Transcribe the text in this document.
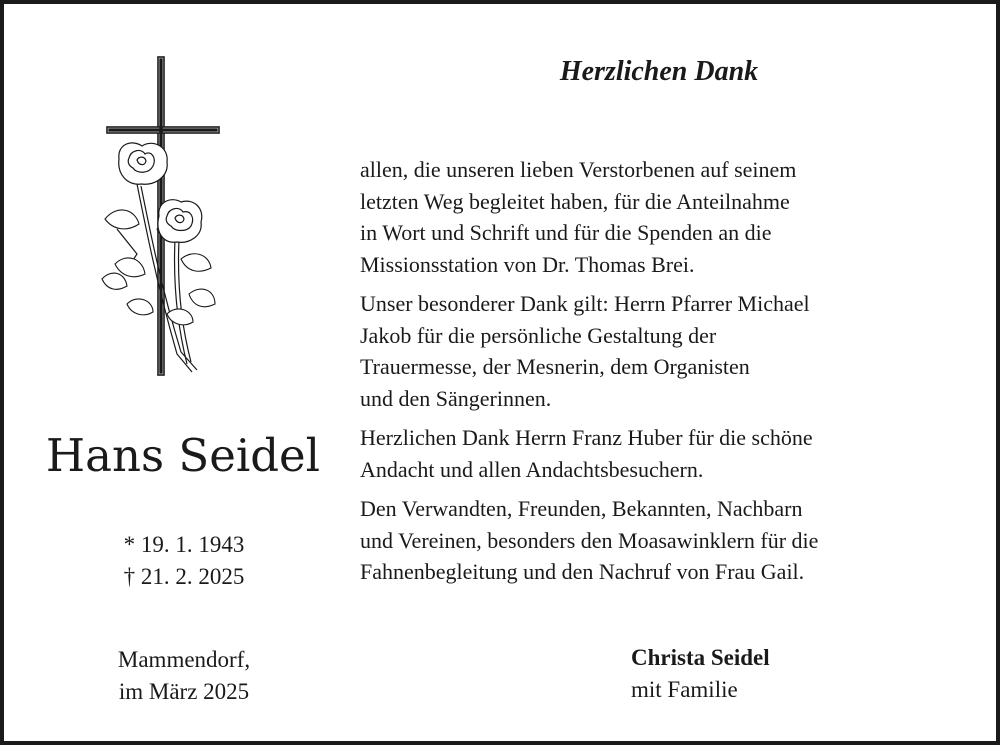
Hans Seidel
* 19. 1. 1943
† 21. 2. 2025
Mammendorf,
im März 2025
Herzlichen Dank

allen, die unseren lieben Verstorbenen auf seinem
letzten Weg begleitet haben, für die Anteilnahme
in Wort und Schrift und für die Spenden an die
Missionsstation von Dr. Thomas Brei.

Unser besonderer Dank gilt: Herrn Pfarrer Michael
Jakob für die persönliche Gestaltung der
Trauermesse, der Mesnerin, dem Organisten
und den Sängerinnen.

Herzlichen Dank Herrn Franz Huber für die schöne
Andacht und allen Andachtsbesuchern.

Den Verwandten, Freunden, Bekannten, Nachbarn
und Vereinen, besonders den Moasawinklern für die
Fahnenbegleitung und den Nachruf von Frau Gail.

Christa Seidel
mit Familie
